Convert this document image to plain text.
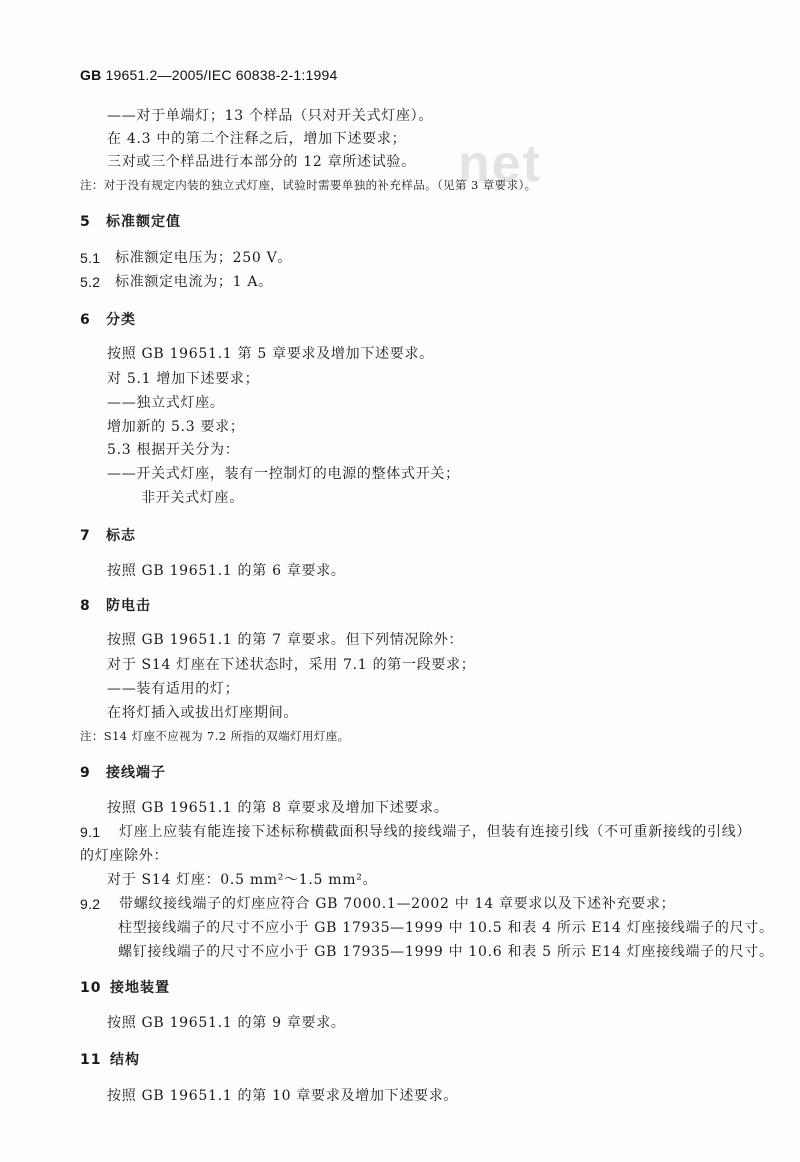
net
GB 19651.2—2005/IEC 60838-2-1:1994
——对于单端灯；13 个样品（只对开关式灯座）。
在 4.3 中的第二个注释之后，增加下述要求；
三对或三个样品进行本部分的 12 章所述试验。
注：对于没有规定内装的独立式灯座，试验时需要单独的补充样品。（见第 3 章要求）。
5 标准额定值
5.1 标准额定电压为；250 V。
5.2 标准额定电流为；1 A。
6 分类
按照 GB 19651.1 第 5 章要求及增加下述要求。
对 5.1 增加下述要求；
——独立式灯座。
增加新的 5.3 要求；
5.3 根据开关分为：
——开关式灯座，装有一控制灯的电源的整体式开关；
非开关式灯座。
7 标志
按照 GB 19651.1 的第 6 章要求。
8 防电击
按照 GB 19651.1 的第 7 章要求。但下列情况除外：
对于 S14 灯座在下述状态时，采用 7.1 的第一段要求；
——装有适用的灯；
在将灯插入或拔出灯座期间。
注：S14 灯座不应视为 7.2 所指的双端灯用灯座。
9 接线端子
按照 GB 19651.1 的第 8 章要求及增加下述要求。
9.1 灯座上应装有能连接下述标称横截面积导线的接线端子，但装有连接引线（不可重新接线的引线）
的灯座除外：
对于 S14 灯座：0.5 mm²～1.5 mm²。
9.2 带螺纹接线端子的灯座应符合 GB 7000.1—2002 中 14 章要求以及下述补充要求；
柱型接线端子的尺寸不应小于 GB 17935—1999 中 10.5 和表 4 所示 E14 灯座接线端子的尺寸。
螺钉接线端子的尺寸不应小于 GB 17935—1999 中 10.6 和表 5 所示 E14 灯座接线端子的尺寸。
10 接地装置
按照 GB 19651.1 的第 9 章要求。
11 结构
按照 GB 19651.1 的第 10 章要求及增加下述要求。
